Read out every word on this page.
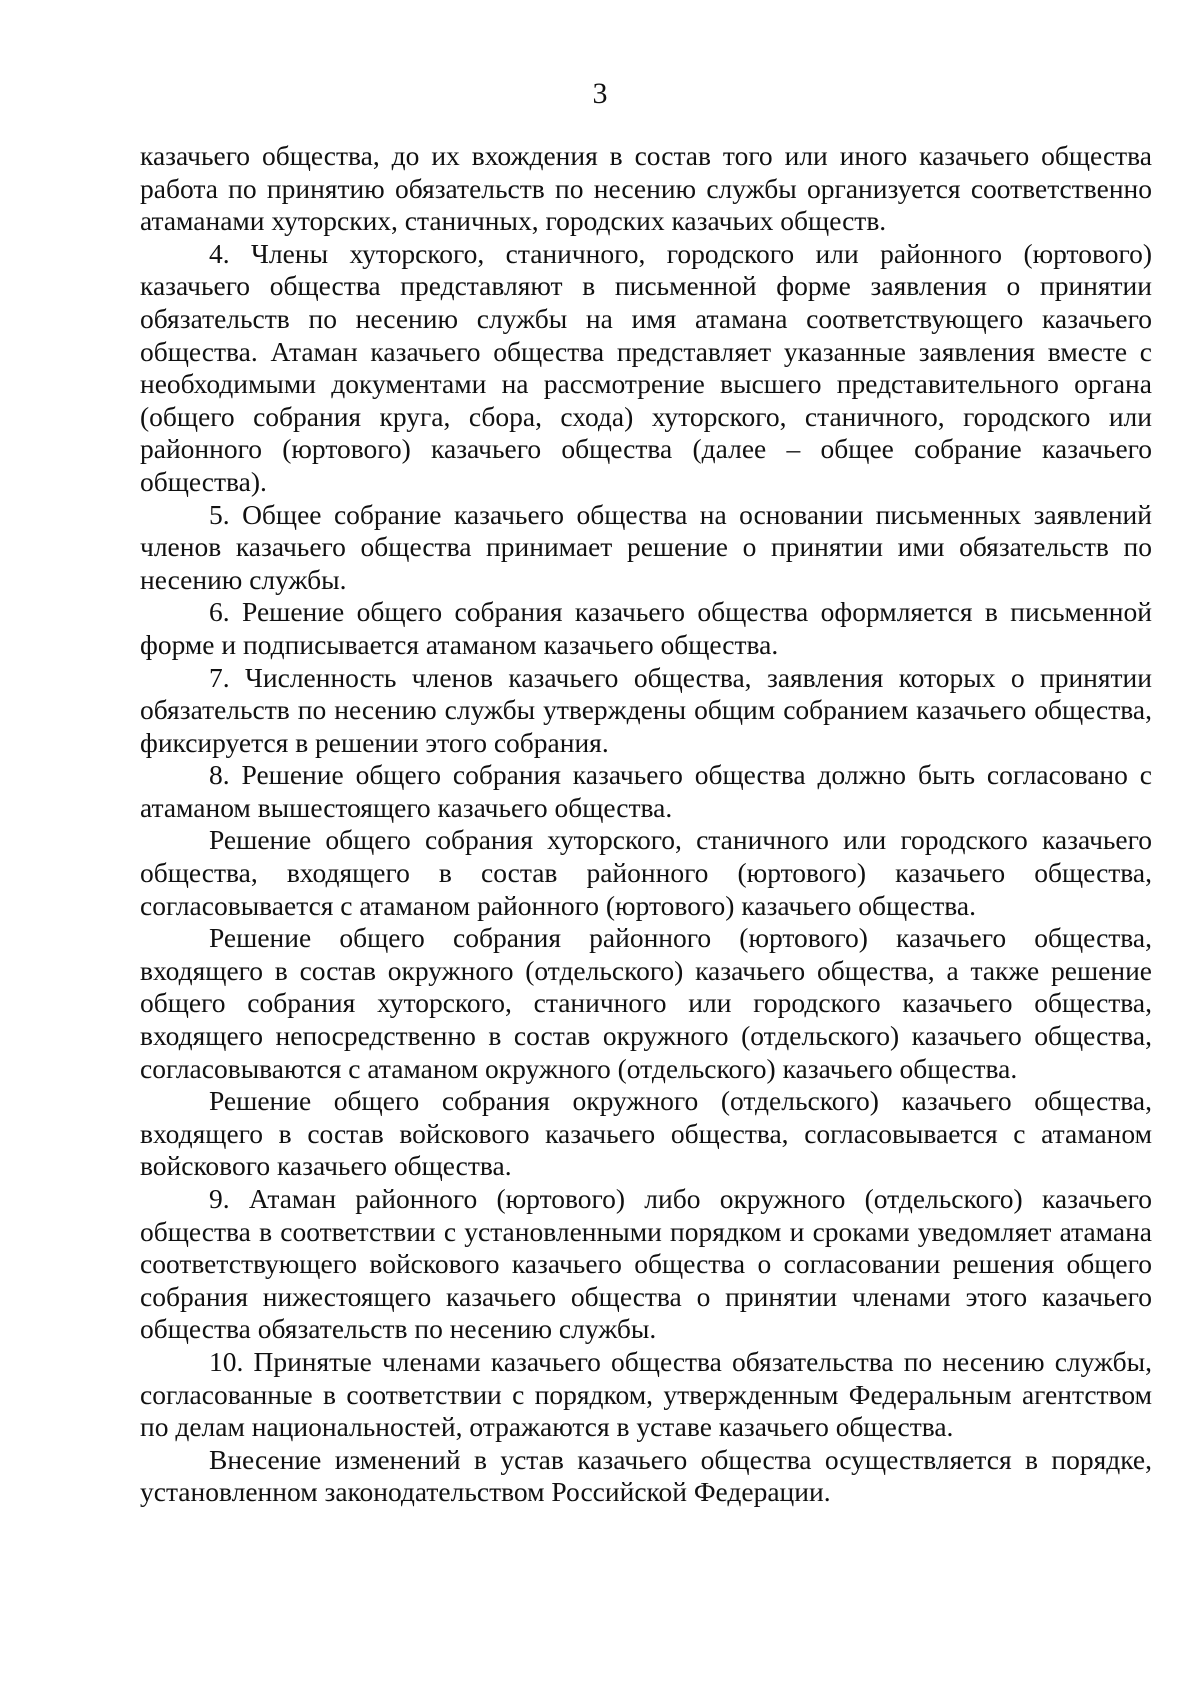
3

казачьего общества, до их вхождения в состав того или иного казачьего общества работа по принятию обязательств по несению службы организуется соответственно атаманами хуторских, станичных, городских казачьих обществ.

4. Члены хуторского, станичного, городского или районного (юртового) казачьего общества представляют в письменной форме заявления о принятии обязательств по несению службы на имя атамана соответствующего казачьего общества. Атаман казачьего общества представляет указанные заявления вместе с необходимыми документами на рассмотрение высшего представительного органа (общего собрания круга, сбора, схода) хуторского, станичного, городского или районного (юртового) казачьего общества (далее – общее собрание казачьего общества).

5. Общее собрание казачьего общества на основании письменных заявлений членов казачьего общества принимает решение о принятии ими обязательств по несению службы.

6. Решение общего собрания казачьего общества оформляется в письменной форме и подписывается атаманом казачьего общества.

7. Численность членов казачьего общества, заявления которых о принятии обязательств по несению службы утверждены общим собранием казачьего общества, фиксируется в решении этого собрания.

8. Решение общего собрания казачьего общества должно быть согласовано с атаманом вышестоящего казачьего общества.

Решение общего собрания хуторского, станичного или городского казачьего общества, входящего в состав районного (юртового) казачьего общества, согласовывается с атаманом районного (юртового) казачьего общества.

Решение общего собрания районного (юртового) казачьего общества, входящего в состав окружного (отдельского) казачьего общества, а также решение общего собрания хуторского, станичного или городского казачьего общества, входящего непосредственно в состав окружного (отдельского) казачьего общества, согласовываются с атаманом окружного (отдельского) казачьего общества.

Решение общего собрания окружного (отдельского) казачьего общества, входящего в состав войскового казачьего общества, согласовывается с атаманом войскового казачьего общества.

9. Атаман районного (юртового) либо окружного (отдельского) казачьего общества в соответствии с установленными порядком и сроками уведомляет атамана соответствующего войскового казачьего общества о согласовании решения общего собрания нижестоящего казачьего общества о принятии членами этого казачьего общества обязательств по несению службы.

10. Принятые членами казачьего общества обязательства по несению службы, согласованные в соответствии с порядком, утвержденным Федеральным агентством по делам национальностей, отражаются в уставе казачьего общества.

Внесение изменений в устав казачьего общества осуществляется в порядке, установленном законодательством Российской Федерации.
